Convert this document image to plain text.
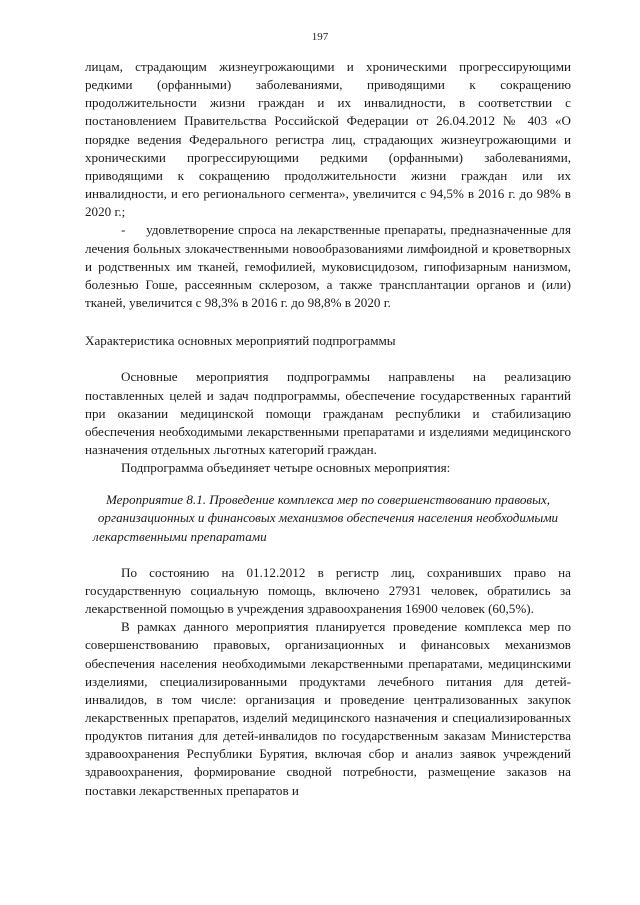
197

лицам, страдающим жизнеугрожающими и хроническими прогрессирующими редкими (орфанными) заболеваниями, приводящими к сокращению продолжительности жизни граждан и их инвалидности, в соответствии с постановлением Правительства Российской Федерации от 26.04.2012 № 403 «О порядке ведения Федерального регистра лиц, страдающих жизнеугрожающими и хроническими прогрессирующими редкими (орфанными) заболеваниями, приводящими к сокращению продолжительности жизни граждан или их инвалидности, и его регионального сегмента», увеличится с 94,5% в 2016 г. до 98% в 2020 г.;

-     удовлетворение спроса на лекарственные препараты, предназначенные для лечения больных злокачественными новообразованиями лимфоидной и кроветворных и родственных им тканей, гемофилией, муковисцидозом, гипофизарным нанизмом, болезнью Гоше, рассеянным склерозом, а также трансплантации органов и (или) тканей, увеличится с 98,3% в 2016 г. до 98,8% в 2020 г.

Характеристика основных мероприятий подпрограммы

Основные мероприятия подпрограммы направлены на реализацию поставленных целей и задач подпрограммы, обеспечение государственных гарантий при оказании медицинской помощи гражданам республики и стабилизацию обеспечения необходимыми лекарственными препаратами и изделиями медицинского назначения отдельных льготных категорий граждан.

Подпрограмма объединяет четыре основных мероприятия:

Мероприятие 8.1. Проведение комплекса мер по совершенствованию правовых, организационных и финансовых механизмов обеспечения населения необходимыми лекарственными препаратами

По состоянию на 01.12.2012 в регистр лиц, сохранивших право на государственную социальную помощь, включено 27931 человек, обратились за лекарственной помощью в учреждения здравоохранения 16900 человек (60,5%).

В рамках данного мероприятия планируется проведение комплекса мер по совершенствованию правовых, организационных и финансовых механизмов обеспечения населения необходимыми лекарственными препаратами, медицинскими изделиями, специализированными продуктами лечебного питания для детей-инвалидов, в том числе: организация и проведение централизованных закупок лекарственных препаратов, изделий медицинского назначения и специализированных продуктов питания для детей-инвалидов по государственным заказам Министерства здравоохранения Республики Бурятия, включая сбор и анализ заявок учреждений здравоохранения, формирование сводной потребности, размещение заказов на поставки лекарственных препаратов и
